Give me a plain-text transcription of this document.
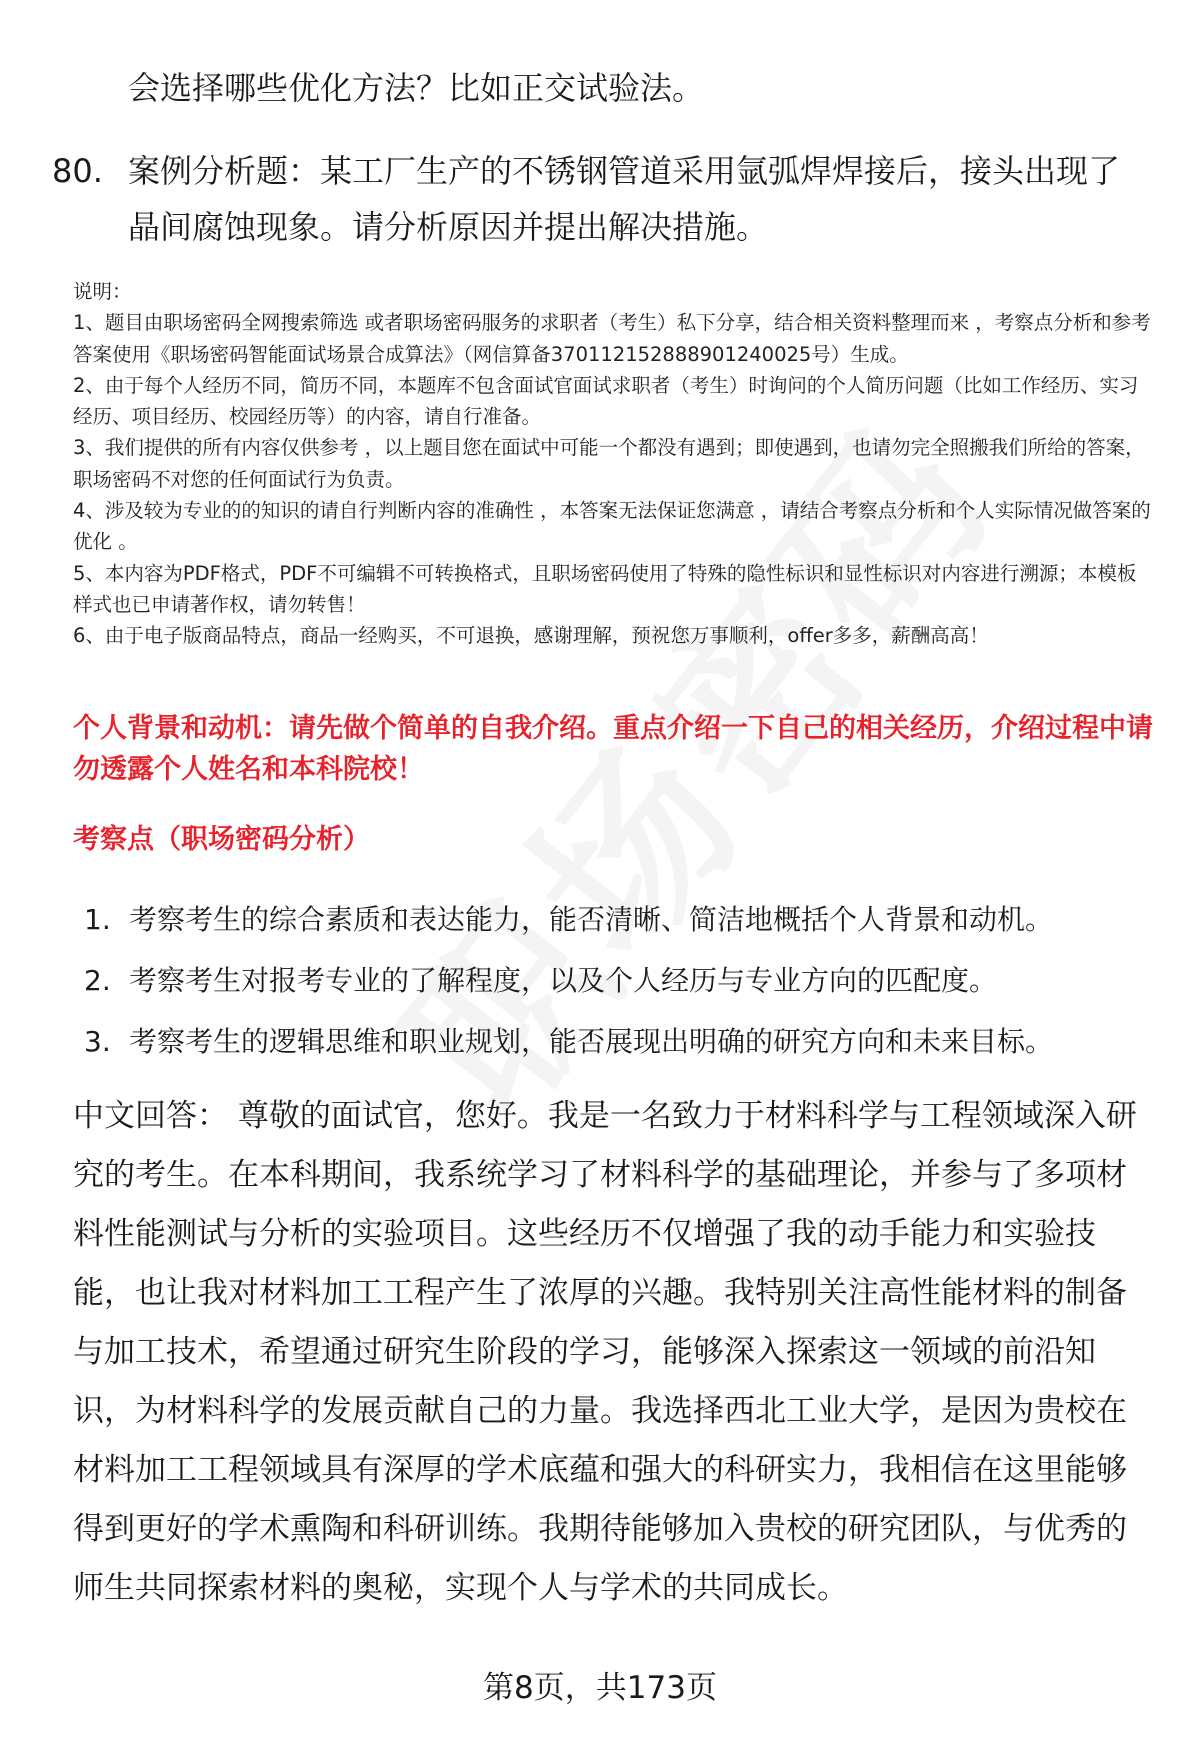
会选择哪些优化方法？比如正交试验法。
80. 案例分析题：某工厂生产的不锈钢管道采用氩弧焊焊接后，接头出现了晶间腐蚀现象。请分析原因并提出解决措施。

说明：

1、题目由职场密码全网搜索筛选 或者职场密码服务的求职者（考生）私下分享，结合相关资料整理而来 ，考察点分析和参考答案使用《职场密码智能面试场景合成算法》（网信算备370112152888901240025号）生成。

2、由于每个人经历不同，简历不同，本题库不包含面试官面试求职者（考生）时询问的个人简历问题（比如工作经历、实习经历、项目经历、校园经历等）的内容，请自行准备。

3、我们提供的所有内容仅供参考 ，以上题目您在面试中可能一个都没有遇到；即使遇到，也请勿完全照搬我们所给的答案，职场密码不对您的任何面试行为负责。

4、涉及较为专业的的知识的请自行判断内容的准确性 ，本答案无法保证您满意 ，请结合考察点分析和个人实际情况做答案的优化 。

5、本内容为PDF格式，PDF不可编辑不可转换格式，且职场密码使用了特殊的隐性标识和显性标识对内容进行溯源；本模板样式也已申请著作权，请勿转售！

6、由于电子版商品特点，商品一经购买，不可退换，感谢理解，预祝您万事顺利，offer多多，薪酬高高！

个人背景和动机：请先做个简单的自我介绍。重点介绍一下自己的相关经历，介绍过程中请勿透露个人姓名和本科院校！
考察点（职场密码分析）
1. 考察考生的综合素质和表达能力，能否清晰、简洁地概括个人背景和动机。
2. 考察考生对报考专业的了解程度，以及个人经历与专业方向的匹配度。
3. 考察考生的逻辑思维和职业规划，能否展现出明确的研究方向和未来目标。
中文回答： 尊敬的面试官，您好。我是一名致力于材料科学与工程领域深入研究的考生。在本科期间，我系统学习了材料科学的基础理论，并参与了多项材料性能测试与分析的实验项目。这些经历不仅增强了我的动手能力和实验技能，也让我对材料加工工程产生了浓厚的兴趣。我特别关注高性能材料的制备与加工技术，希望通过研究生阶段的学习，能够深入探索这一领域的前沿知识，为材料科学的发展贡献自己的力量。我选择西北工业大学，是因为贵校在材料加工工程领域具有深厚的学术底蕴和强大的科研实力，我相信在这里能够得到更好的学术熏陶和科研训练。我期待能够加入贵校的研究团队，与优秀的师生共同探索材料的奥秘，实现个人与学术的共同成长。
第8页，共173页
